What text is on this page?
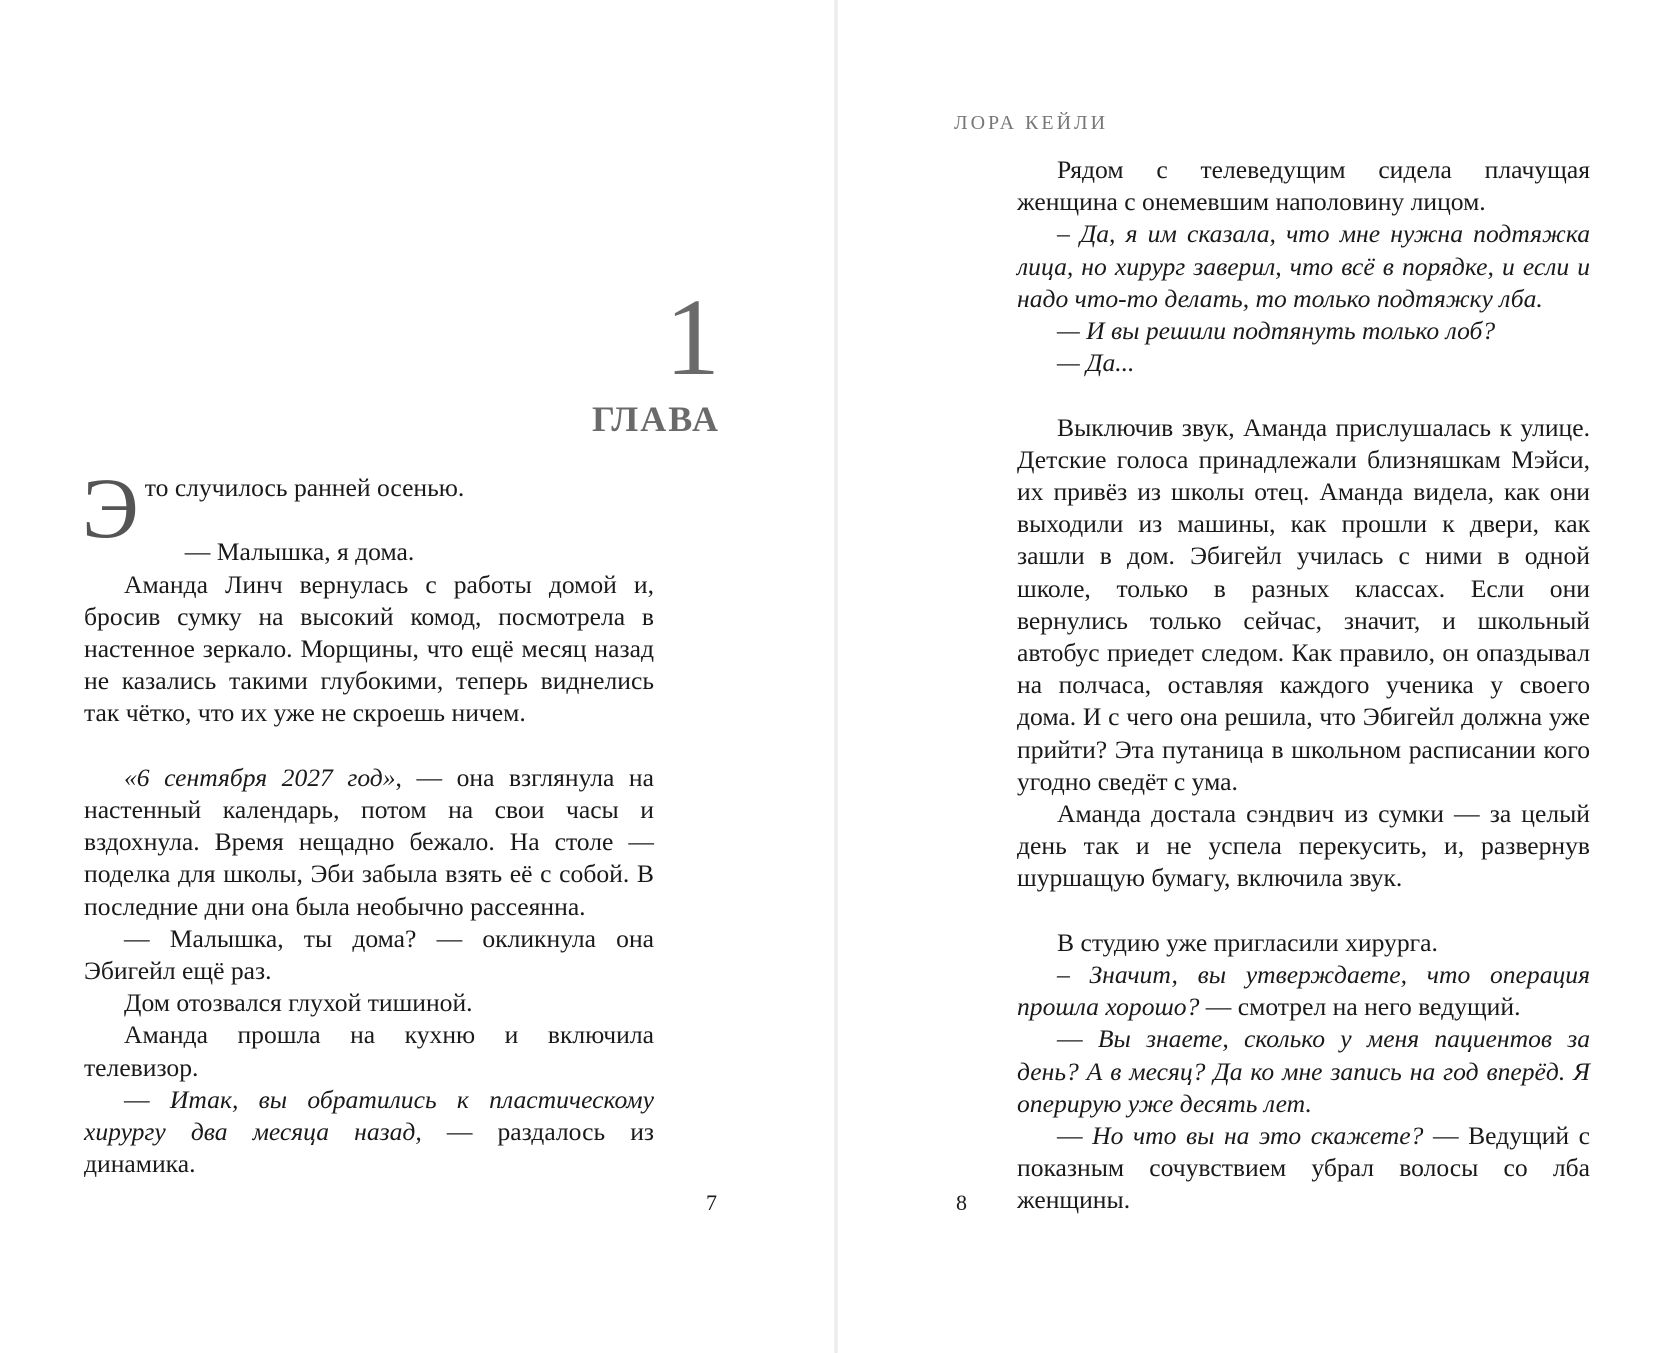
1
ГЛАВА

Это случилось ранней осенью.

— Малышка, я дома.

Аманда Линч вернулась с работы домой и, бросив сумку на высокий комод, посмотрела в настенное зеркало. Морщины, что ещё месяц назад не казались такими глубокими, теперь виднелись так чётко, что их уже не скроешь ничем.

«6 сентября 2027 год», — она взглянула на настенный календарь, потом на свои часы и вздохнула. Время нещадно бежало. На столе — поделка для школы, Эби забыла взять её с собой. В последние дни она была необычно рассеянна.

— Малышка, ты дома? — окликнула она Эбигейл ещё раз.

Дом отозвался глухой тишиной.

Аманда прошла на кухню и включила телевизор.

— Итак, вы обратились к пластическому хирургу два месяца назад, — раздалось из динамика.

7
ЛОРА КЕЙЛИ

Рядом с телеведущим сидела плачущая женщина с онемевшим наполовину лицом.

– Да, я им сказала, что мне нужна подтяжка лица, но хирург заверил, что всё в порядке, и если и надо что-то делать, то только подтяжку лба.

— И вы решили подтянуть только лоб?

— Да...

Выключив звук, Аманда прислушалась к улице. Детские голоса принадлежали близняшкам Мэйси, их привёз из школы отец. Аманда видела, как они выходили из машины, как прошли к двери, как зашли в дом. Эбигейл училась с ними в одной школе, только в разных классах. Если они вернулись только сейчас, значит, и школьный автобус приедет следом. Как правило, он опаздывал на полчаса, оставляя каждого ученика у своего дома. И с чего она решила, что Эбигейл должна уже прийти? Эта путаница в школьном расписании кого угодно сведёт с ума.

Аманда достала сэндвич из сумки — за целый день так и не успела перекусить, и, развернув шуршащую бумагу, включила звук.

В студию уже пригласили хирурга.

– Значит, вы утверждаете, что операция прошла хорошо? — смотрел на него ведущий.

— Вы знаете, сколько у меня пациентов за день? А в месяц? Да ко мне запись на год вперёд. Я оперирую уже десять лет.

— Но что вы на это скажете? — Ведущий с показным сочувствием убрал волосы со лба женщины.

8
